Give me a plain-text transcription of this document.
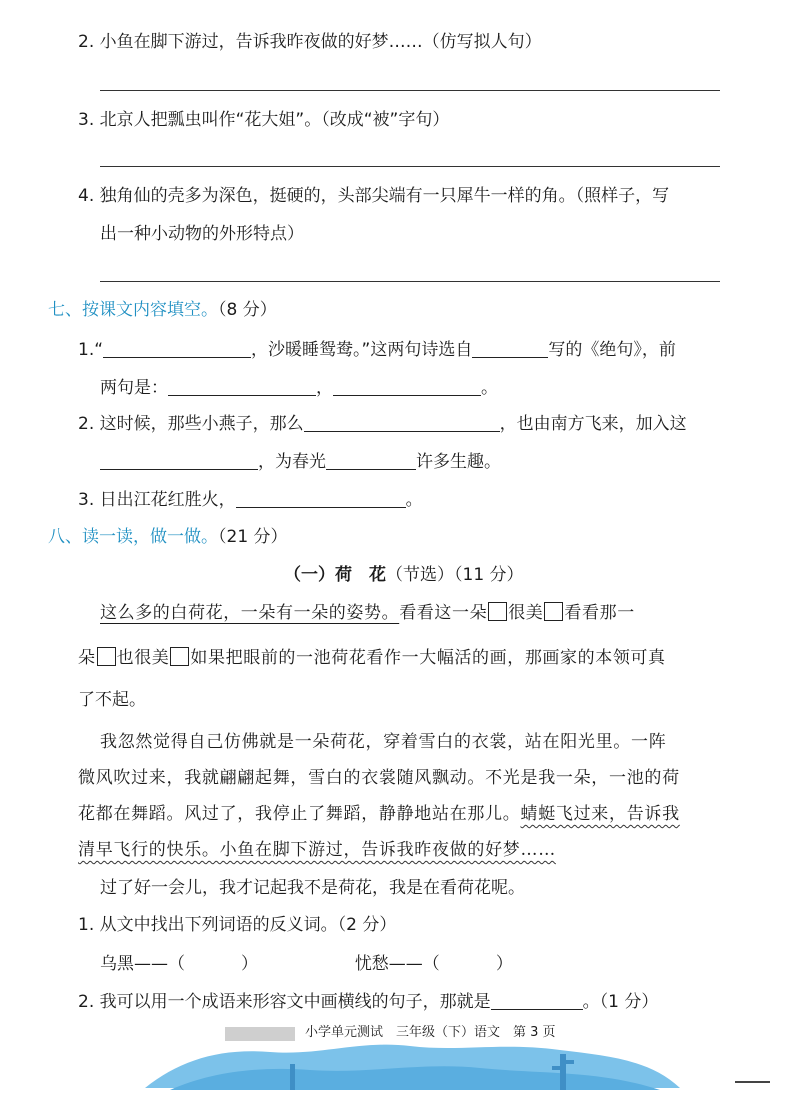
2. 小鱼在脚下游过，告诉我昨夜做的好梦……（仿写拟人句）
3. 北京人把瓢虫叫作“花大姐”。（改成“被”字句）
4. 独角仙的壳多为深色，挺硬的，头部尖端有一只犀牛一样的角。（照样子，写
出一种小动物的外形特点）
七、按课文内容填空。（8 分）
1.“	，沙暖睡鸳鸯。”这两句诗选自	写的《绝句》，前
两句是：	，	。
2. 这时候，那些小燕子，那么	，也由南方飞来，加入这
，为春光	许多生趣。
3. 日出江花红胜火，	。
八、读一读，做一做。（21 分）
（一）荷　花（节选）（11 分）
这么多的白荷花，一朵有一朵的姿势。看看这一朵 很美 看看那一
朵 也很美 如果把眼前的一池荷花看作一大幅活的画，那画家的本领可真
了不起。
我忽然觉得自己仿佛就是一朵荷花，穿着雪白的衣裳，站在阳光里。一阵
微风吹过来，我就翩翩起舞，雪白的衣裳随风飘动。不光是我一朵，一池的荷
花都在舞蹈。风过了，我停止了舞蹈，静静地站在那儿。蜻蜓飞过来，告诉我
清早飞行的快乐。小鱼在脚下游过，告诉我昨夜做的好梦……
过了好一会儿，我才记起我不是荷花，我是在看荷花呢。
1. 从文中找出下列词语的反义词。（2 分）
乌黑——（	）	忧愁——（	）
2. 我可以用一个成语来形容文中画横线的句子，那就是	。（1 分）
小学单元测试　三年级（下）语文　第 3 页
